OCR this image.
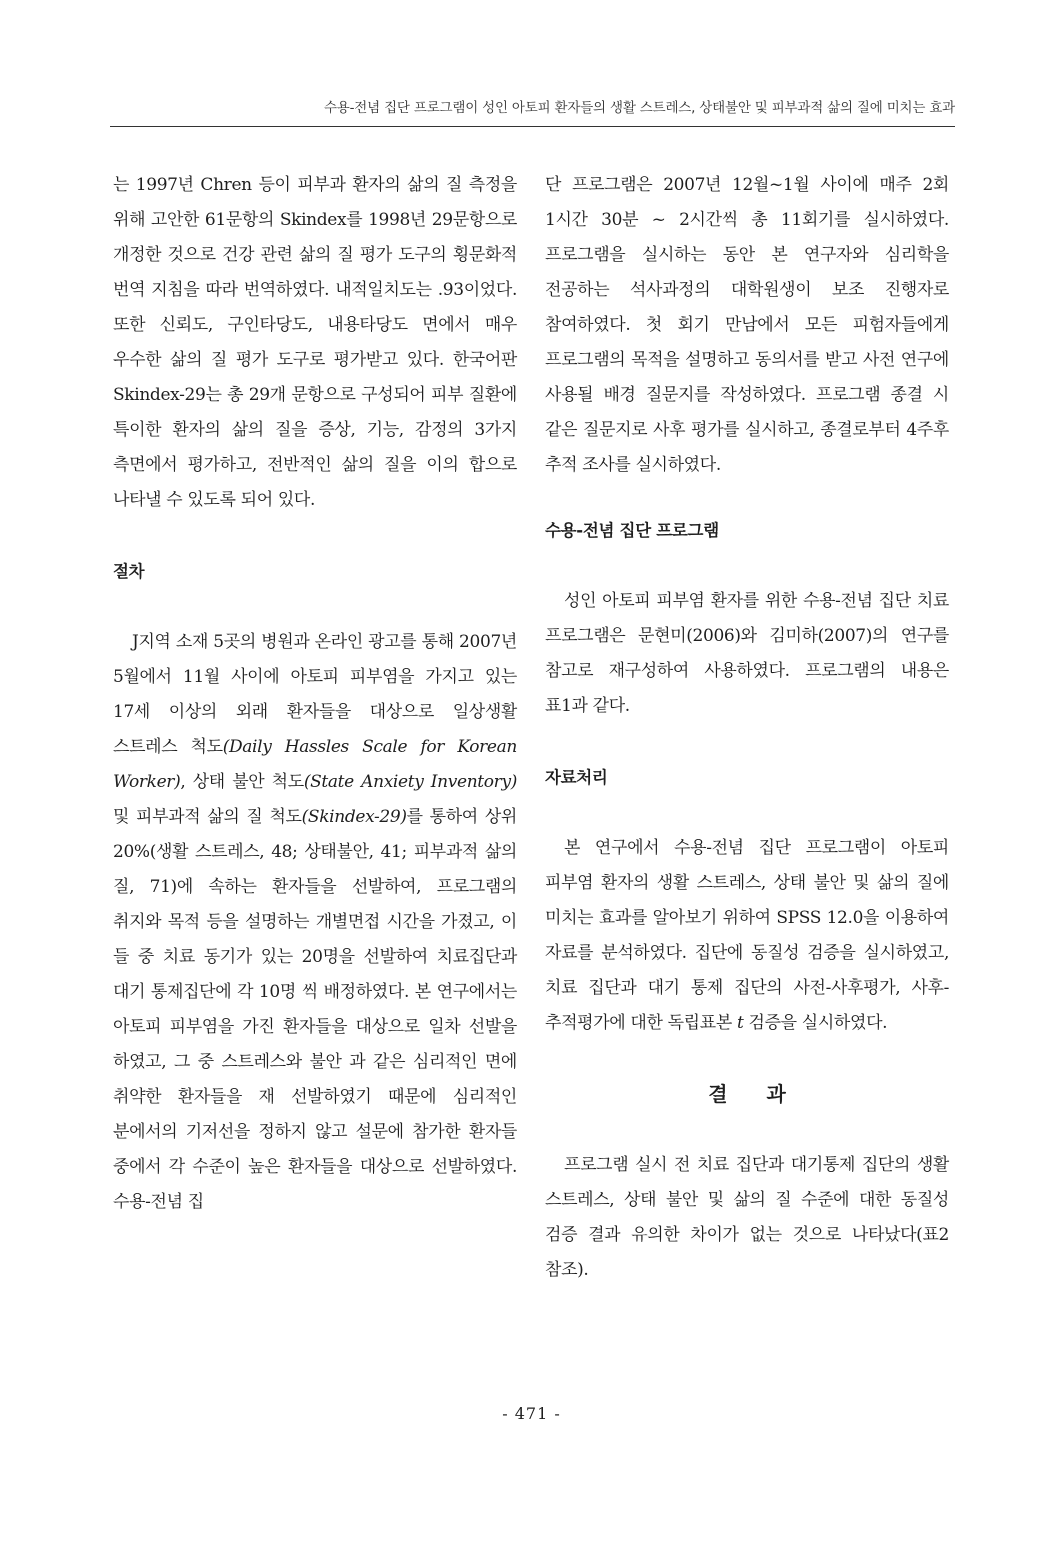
수용-전념 집단 프로그램이 성인 아토피 환자들의 생활 스트레스, 상태불안 및 피부과적 삶의 질에 미치는 효과

는 1997년 Chren 등이 피부과 환자의 삶의 질 측정을 위해 고안한 61문항의 Skindex를 1998년 29문항으로 개정한 것으로 건강 관련 삶의 질 평가 도구의 횡문화적 번역 지침을 따라 번역하였다. 내적일치도는 .93이었다. 또한 신뢰도, 구인타당도, 내용타당도 면에서 매우 우수한 삶의 질 평가 도구로 평가받고 있다. 한국어판 Skindex-29는 총 29개 문항으로 구성되어 피부 질환에 특이한 환자의 삶의 질을 증상, 기능, 감정의 3가지 측면에서 평가하고, 전반적인 삶의 질을 이의 합으로 나타낼 수 있도록 되어 있다.

절차

J지역 소재 5곳의 병원과 온라인 광고를 통해 2007년 5월에서 11월 사이에 아토피 피부염을 가지고 있는 17세 이상의 외래 환자들을 대상으로 일상생활 스트레스 척도(Daily Hassles Scale for Korean Worker), 상태 불안 척도(State Anxiety Inventory) 및 피부과적 삶의 질 척도(Skindex-29)를 통하여 상위 20%(생활 스트레스, 48; 상태불안, 41; 피부과적 삶의 질, 71)에 속하는 환자들을 선발하여, 프로그램의 취지와 목적 등을 설명하는 개별면접 시간을 가졌고, 이 들 중 치료 동기가 있는 20명을 선발하여 치료집단과 대기 통제집단에 각 10명 씩 배정하였다. 본 연구에서는 아토피 피부염을 가진 환자들을 대상으로 일차 선발을 하였고, 그 중 스트레스와 불안 과 같은 심리적인 면에 취약한 환자들을 재 선발하였기 때문에 심리적인 분에서의 기저선을 정하지 않고 설문에 참가한 환자들 중에서 각 수준이 높은 환자들을 대상으로 선발하였다. 수용-전념 집

단 프로그램은 2007년 12월~1월 사이에 매주 2회 1시간 30분 ~ 2시간씩 총 11회기를 실시하였다. 프로그램을 실시하는 동안 본 연구자와 심리학을 전공하는 석사과정의 대학원생이 보조 진행자로 참여하였다. 첫 회기 만남에서 모든 피험자들에게 프로그램의 목적을 설명하고 동의서를 받고 사전 연구에 사용될 배경 질문지를 작성하였다. 프로그램 종결 시 같은 질문지로 사후 평가를 실시하고, 종결로부터 4주후 추적 조사를 실시하였다.

수용-전념 집단 프로그램

성인 아토피 피부염 환자를 위한 수용-전념 집단 치료 프로그램은 문현미(2006)와 김미하(2007)의 연구를 참고로 재구성하여 사용하였다. 프로그램의 내용은 표1과 같다.

자료처리

본 연구에서 수용-전념 집단 프로그램이 아토피 피부염 환자의 생활 스트레스, 상태 불안 및 삶의 질에 미치는 효과를 알아보기 위하여 SPSS 12.0을 이용하여 자료를 분석하였다. 집단에 동질성 검증을 실시하였고, 치료 집단과 대기 통제 집단의 사전-사후평가, 사후-추적평가에 대한 독립표본 t 검증을 실시하였다.

결 과

프로그램 실시 전 치료 집단과 대기통제 집단의 생활 스트레스, 상태 불안 및 삶의 질 수준에 대한 동질성 검증 결과 유의한 차이가 없는 것으로 나타났다(표2 참조).

- 471 -
